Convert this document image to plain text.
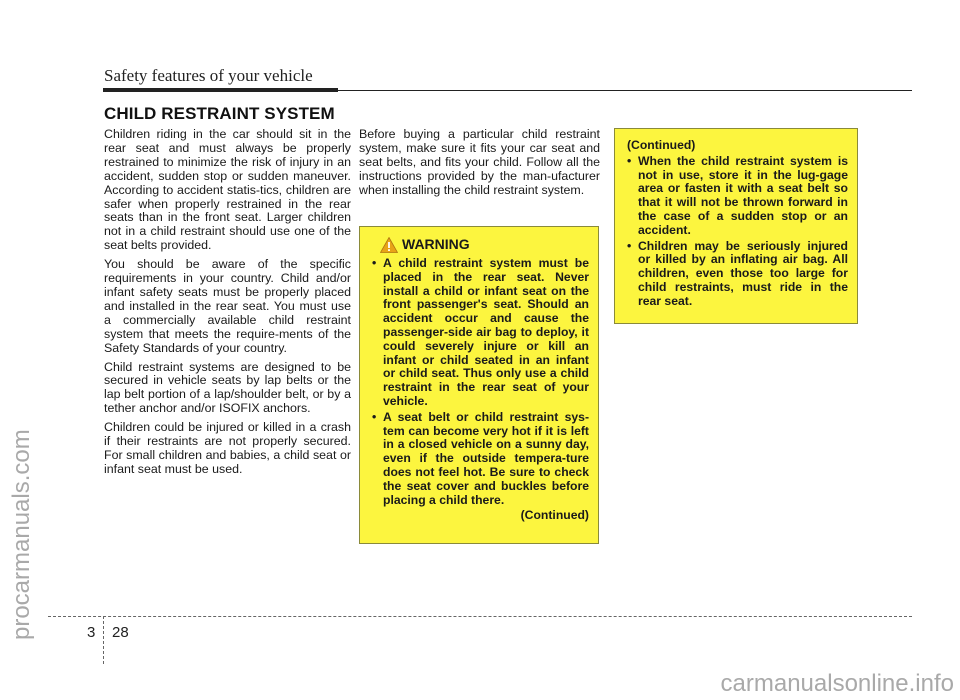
Safety features of your vehicle
CHILD RESTRAINT SYSTEM

Children riding in the car should sit in the rear seat and must always be properly restrained to minimize the risk of injury in an accident, sudden stop or sudden maneuver. According to accident statis-tics, children are safer when properly restrained in the rear seats than in the front seat. Larger children not in a child restraint should use one of the seat belts provided.

You should be aware of the specific requirements in your country. Child and/or infant safety seats must be properly placed and installed in the rear seat. You must use a commercially available child restraint system that meets the require-ments of the Safety Standards of your country.

Child restraint systems are designed to be secured in vehicle seats by lap belts or the lap belt portion of a lap/shoulder belt, or by a tether anchor and/or ISOFIX anchors.

Children could be injured or killed in a crash if their restraints are not properly secured. For small children and babies, a child seat or infant seat must be used.

Before buying a particular child restraint system, make sure it fits your car seat and seat belts, and fits your child. Follow all the instructions provided by the man-ufacturer when installing the child restraint system.

WARNING
• A child restraint system must be placed in the rear seat. Never install a child or infant seat on the front passenger's seat. Should an accident occur and cause the passenger-side air bag to deploy, it could severely injure or kill an infant or child seated in an infant or child seat. Thus only use a child restraint in the rear seat of your vehicle.
• A seat belt or child restraint sys-tem can become very hot if it is left in a closed vehicle on a sunny day, even if the outside tempera-ture does not feel hot. Be sure to check the seat cover and buckles before placing a child there.
(Continued)
(Continued)
• When the child restraint system is not in use, store it in the lug-gage area or fasten it with a seat belt so that it will not be thrown forward in the case of a sudden stop or an accident.
• Children may be seriously injured or killed by an inflating air bag. All children, even those too large for child restraints, must ride in the rear seat.
3 28
procarmanuals.com
carmanualsonline.info
